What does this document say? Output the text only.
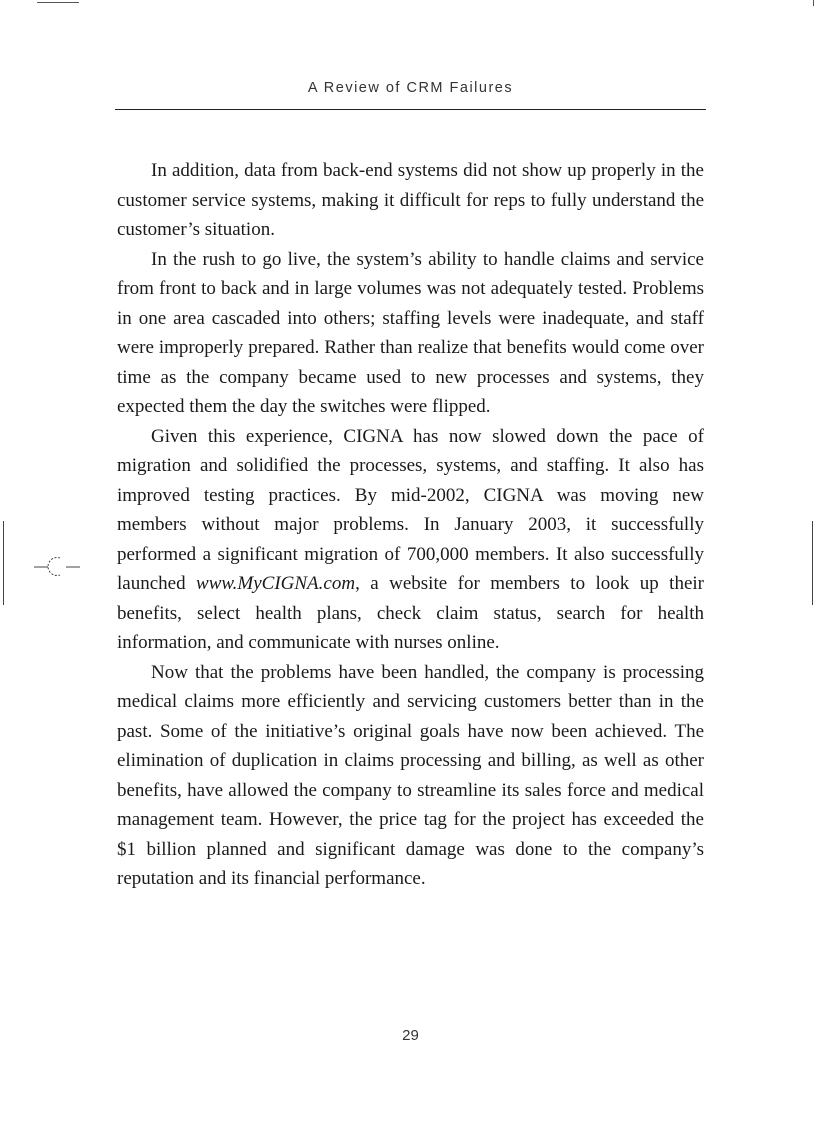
A Review of CRM Failures

In addition, data from back-end systems did not show up properly in the customer service systems, making it difficult for reps to fully understand the customer’s situation.

In the rush to go live, the system’s ability to handle claims and service from front to back and in large volumes was not adequately tested. Problems in one area cascaded into others; staffing levels were inadequate, and staff were improperly prepared. Rather than realize that benefits would come over time as the company became used to new processes and systems, they expected them the day the switches were flipped.

Given this experience, CIGNA has now slowed down the pace of migration and solidified the processes, systems, and staffing. It also has improved testing practices. By mid-2002, CIGNA was moving new members without major problems. In January 2003, it successfully performed a significant migration of 700,000 members. It also successfully launched www.MyCIGNA.com, a website for members to look up their benefits, select health plans, check claim status, search for health information, and communicate with nurses online.

Now that the problems have been handled, the company is processing medical claims more efficiently and servicing customers better than in the past. Some of the initiative’s original goals have now been achieved. The elimination of duplication in claims processing and billing, as well as other benefits, have allowed the company to streamline its sales force and medical management team. However, the price tag for the project has exceeded the $1 billion planned and significant damage was done to the company’s reputation and its financial performance.

29
